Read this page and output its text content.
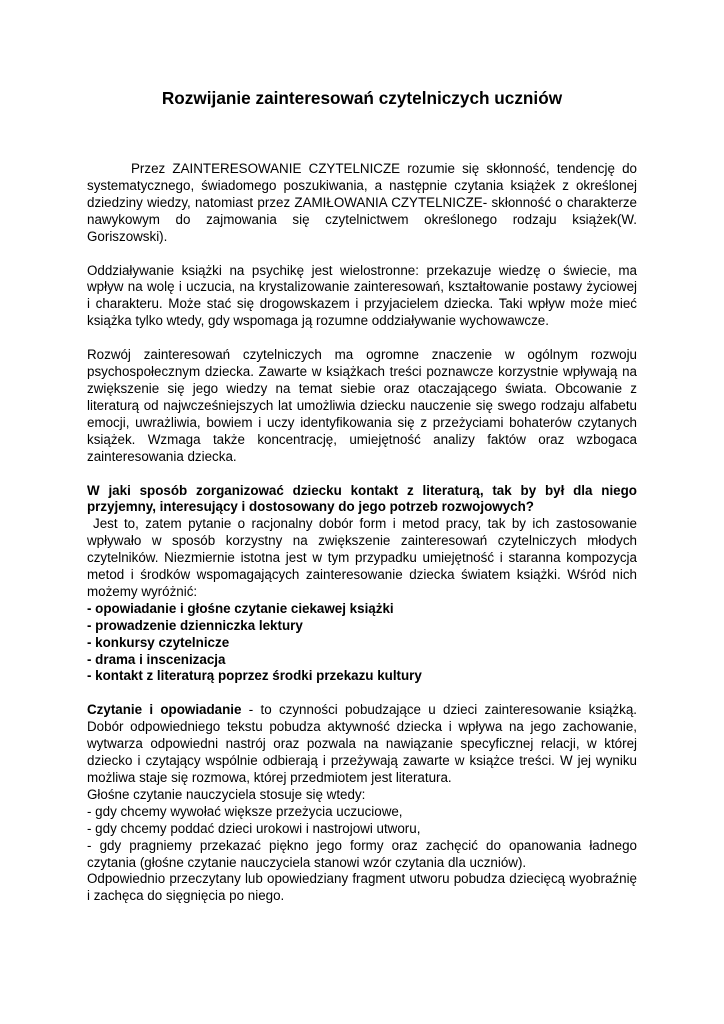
Rozwijanie zainteresowań czytelniczych uczniów

Przez ZAINTERESOWANIE CZYTELNICZE rozumie się skłonność, tendencję do systematycznego, świadomego poszukiwania, a następnie czytania książek z określonej dziedziny wiedzy, natomiast przez ZAMIŁOWANIA CZYTELNICZE- skłonność o charakterze nawykowym do zajmowania się czytelnictwem określonego rodzaju książek(W. Goriszowski).

Oddziaływanie książki na psychikę jest wielostronne: przekazuje wiedzę o świecie, ma wpływ na wolę i uczucia, na krystalizowanie zainteresowań, kształtowanie postawy życiowej i charakteru. Może stać się drogowskazem i przyjacielem dziecka. Taki wpływ może mieć książka tylko wtedy, gdy wspomaga ją rozumne oddziaływanie wychowawcze.

Rozwój zainteresowań czytelniczych ma ogromne znaczenie w ogólnym rozwoju psychospołecznym dziecka. Zawarte w książkach treści poznawcze korzystnie wpływają na zwiększenie się jego wiedzy na temat siebie oraz otaczającego świata. Obcowanie z literaturą od najwcześniejszych lat umożliwia dziecku nauczenie się swego rodzaju alfabetu emocji, uwrażliwia, bowiem i uczy identyfikowania się z przeżyciami bohaterów czytanych książek. Wzmaga także koncentrację, umiejętność analizy faktów oraz wzbogaca zainteresowania dziecka.

W jaki sposób zorganizować dziecku kontakt z literaturą, tak by był dla niego przyjemny, interesujący i dostosowany do jego potrzeb rozwojowych?

Jest to, zatem pytanie o racjonalny dobór form i metod pracy, tak by ich zastosowanie wpływało w sposób korzystny na zwiększenie zainteresowań czytelniczych młodych czytelników. Niezmiernie istotna jest w tym przypadku umiejętność i staranna kompozycja metod i środków wspomagających zainteresowanie dziecka światem książki. Wśród nich możemy wyróżnić:

- opowiadanie i głośne czytanie ciekawej książki
- prowadzenie dzienniczka lektury
- konkursy czytelnicze
- drama i inscenizacja
- kontakt z literaturą poprzez środki przekazu kultury

Czytanie i opowiadanie - to czynności pobudzające u dzieci zainteresowanie książką. Dobór odpowiedniego tekstu pobudza aktywność dziecka i wpływa na jego zachowanie, wytwarza odpowiedni nastrój oraz pozwala na nawiązanie specyficznej relacji, w której dziecko i czytający wspólnie odbierają i przeżywają zawarte w książce treści. W jej wyniku możliwa staje się rozmowa, której przedmiotem jest literatura.

Głośne czytanie nauczyciela stosuje się wtedy:

- gdy chcemy wywołać większe przeżycia uczuciowe,
- gdy chcemy poddać dzieci urokowi i nastrojowi utworu,
- gdy pragniemy przekazać piękno jego formy oraz zachęcić do opanowania ładnego czytania (głośne czytanie nauczyciela stanowi wzór czytania dla uczniów).

Odpowiednio przeczytany lub opowiedziany fragment utworu pobudza dziecięcą wyobraźnię i zachęca do sięgnięcia po niego.
